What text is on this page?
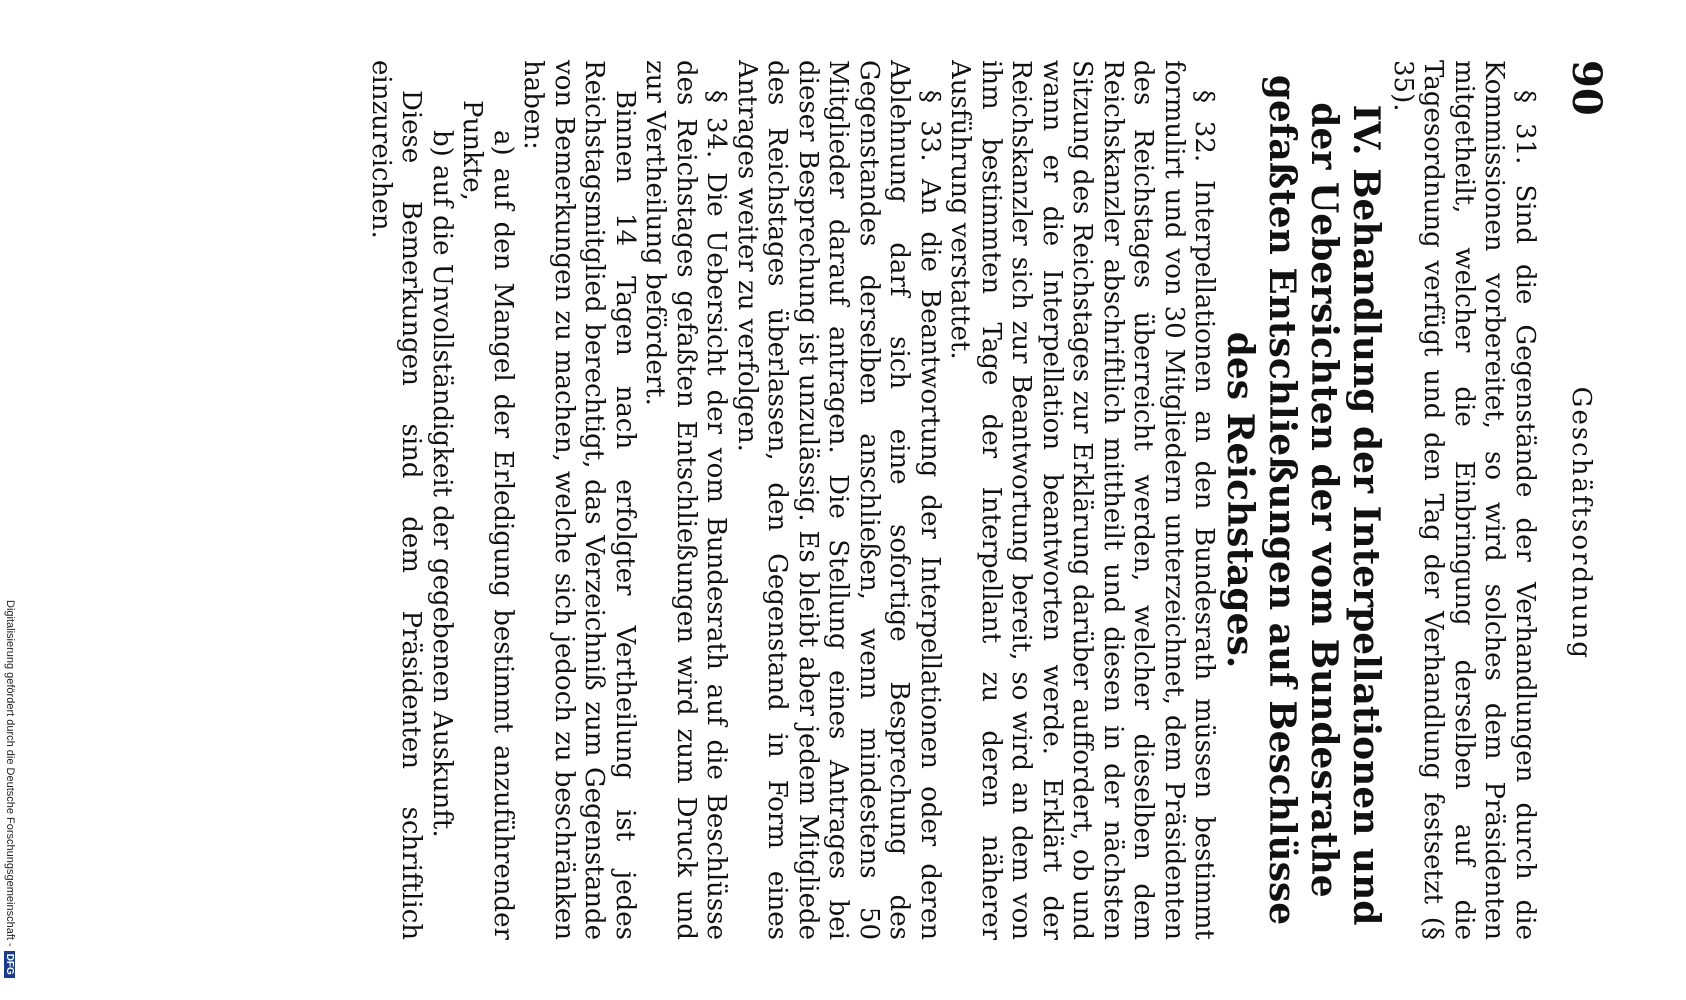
90
Geschäftsordnung

§ 31. Sind die Gegenstände der Verhandlungen durch die Kommissionen vorbereitet, so wird solches dem Präsidenten mitgetheilt, welcher die Einbringung derselben auf die Tagesordnung verfügt und den Tag der Verhandlung festsetzt (§ 35).

IV. Behandlung der Interpellationen und der Uebersichten der vom Bundesrathe gefaßten Entschließungen auf Beschlüsse des Reichstages.

§ 32. Interpellationen an den Bundesrath müssen bestimmt formulirt und von 30 Mitgliedern unterzeichnet, dem Präsidenten des Reichstages überreicht werden, welcher dieselben dem Reichskanzler abschriftlich mittheilt und diesen in der nächsten Sitzung des Reichstages zur Erklärung darüber auffordert, ob und wann er die Interpellation beantworten werde. Erklärt der Reichskanzler sich zur Beantwortung bereit, so wird an dem von ihm bestimmten Tage der Interpellant zu deren näherer Ausführung verstattet.

§ 33. An die Beantwortung der Interpellationen oder deren Ablehnung darf sich eine sofortige Besprechung des Gegenstandes derselben anschließen, wenn mindestens 50 Mitglieder darauf antragen. Die Stellung eines Antrages bei dieser Besprechung ist unzulässig. Es bleibt aber jedem Mitgliede des Reichstages überlassen, den Gegenstand in Form eines Antrages weiter zu verfolgen.

§ 34. Die Uebersicht der vom Bundesrath auf die Beschlüsse des Reichstages gefaßten Entschließungen wird zum Druck und zur Vertheilung befördert.

Binnen 14 Tagen nach erfolgter Vertheilung ist jedes Reichstagsmitglied berechtigt, das Verzeichniß zum Gegenstande von Bemerkungen zu machen, welche sich jedoch zu beschränken haben:

a) auf den Mangel der Erledigung bestimmt anzuführender Punkte,

b) auf die Unvollständigkeit der gegebenen Auskunft.

Diese Bemerkungen sind dem Präsidenten schriftlich einzureichen.

Digitalisierung gefördert durch die Deutsche Forschungsgemeinschaft -DFG
